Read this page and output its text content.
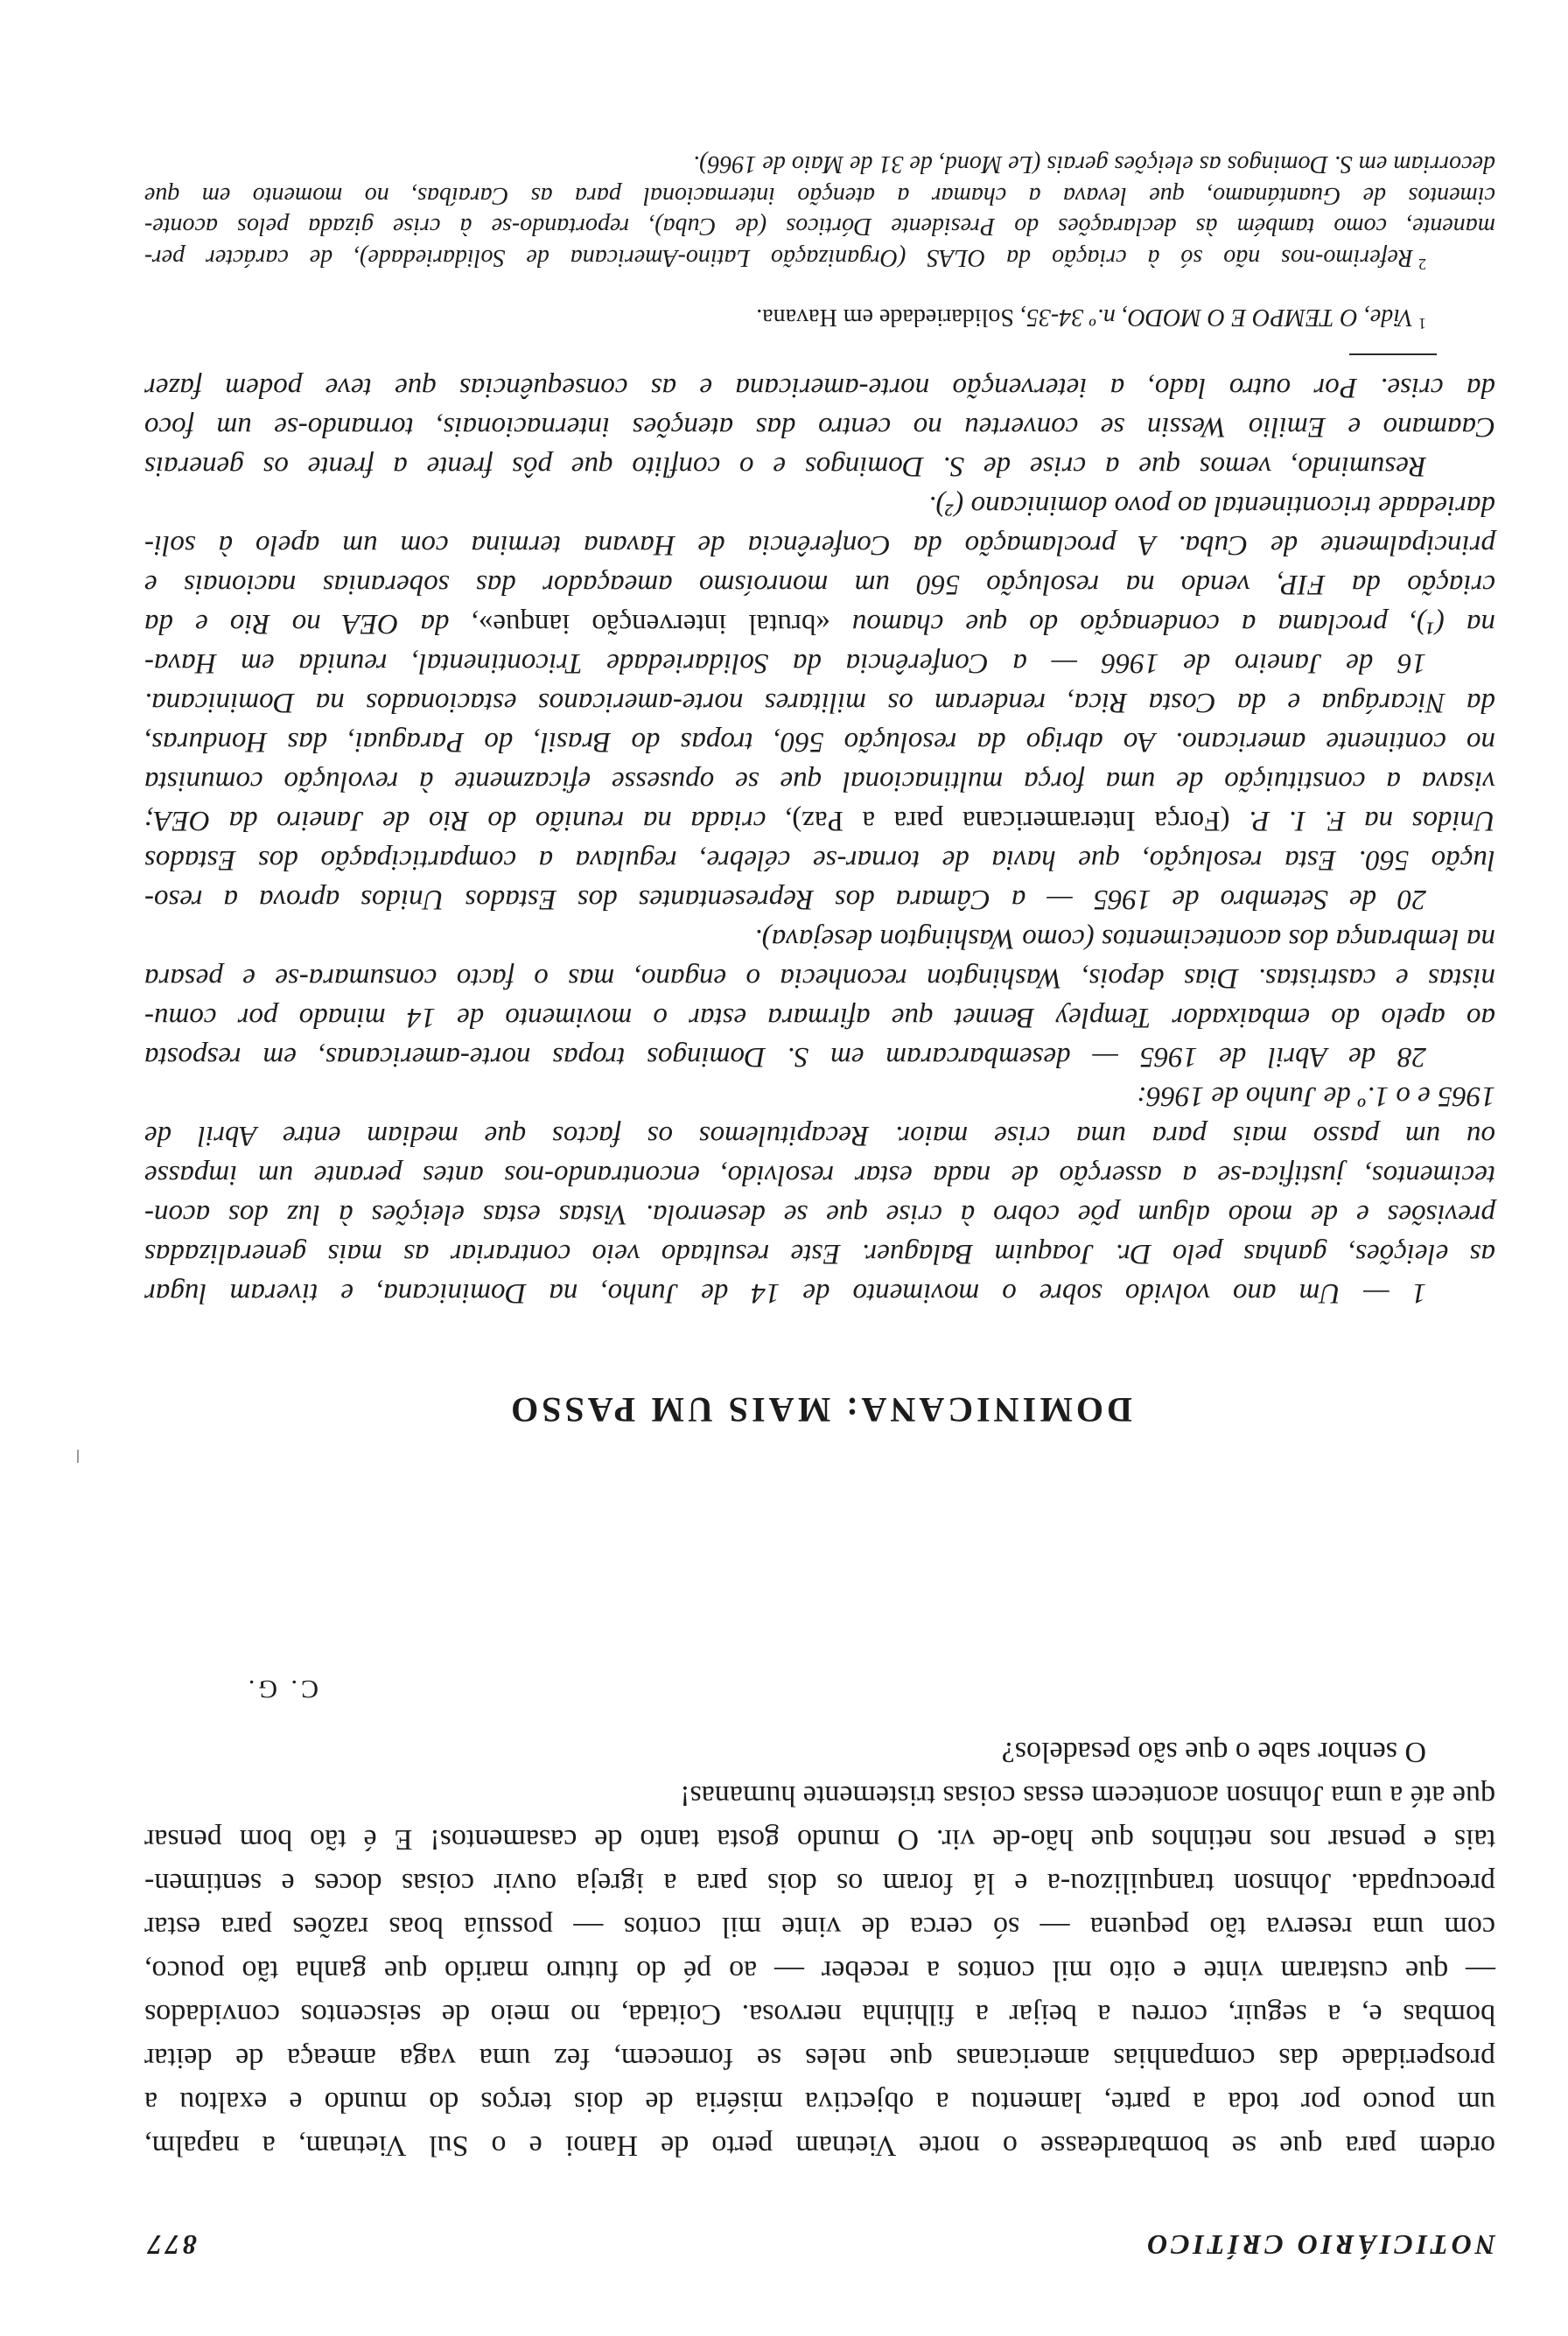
NOTICIÁRIO CRÍTICO
877
ordem para que se bombardeasse o norte Vietnam perto de Hanoi e o Sul Vietnam, a napalm,
um pouco por toda a parte, lamentou a objectiva miséria de dois terços do mundo e exaltou a
prosperidade das companhias americanas que neles se fornecem, fez uma vaga ameaça de deitar
bombas e, a seguir, correu a beijar a filhinha nervosa. Coitada, no meio de seiscentos convidados
— que custaram vinte e oito mil contos a receber — ao pé do futuro marido que ganha tão pouco,
com uma reserva tão pequena — só cerca de vinte mil contos — possuía boas razões para estar
preocupada. Johnson tranquilizou-a e lá foram os dois para a igreja ouvir coisas doces e sentimen-
tais e pensar nos netinhos que hão-de vir. O mundo gosta tanto de casamentos! E é tão bom pensar
que até a uma Johnson acontecem essas coisas tristemente humanas!
O senhor sabe o que são pesadelos?
C. G.
DOMINICANA: MAIS UM PASSO
1 — Um ano volvido sobre o movimento de 14 de Junho, na Dominicana, e tiveram lugar
as eleições, ganhas pelo Dr. Joaquim Balaguer. Este resultado veio contrariar as mais generalizadas
previsões e de modo algum põe cobro à crise que se desenrola. Vistas estas eleições à luz dos acon-
tecimentos, justifica-se a asserção de nada estar resolvido, encontrando-nos antes perante um impasse
ou um passo mais para uma crise maior. Recapitulemos os factos que mediam entre Abril de
1965 e o 1.º de Junho de 1966:
28 de Abril de 1965 — desembarcaram em S. Domingos tropas norte-americanas, em resposta
ao apelo do embaixador Templey Bennet que afirmara estar o movimento de 14 minado por comu-
nistas e castristas. Dias depois, Washington reconhecia o engano, mas o facto consumara-se e pesara
na lembrança dos acontecimentos (como Washington desejava).
20 de Setembro de 1965 — a Câmara dos Representantes dos Estados Unidos aprova a reso-
lução 560. Esta resolução, que havia de tornar-se célebre, regulava a comparticipação dos Estados
Unidos na F. I. P. (Força Interamericana para a Paz), criada na reunião do Rio de Janeiro da OEA;
visava a constituição de uma força multinacional que se opusesse eficazmente à revolução comunista
no continente americano. Ao abrigo da resolução 560, tropas do Brasil, do Paraguai, das Honduras,
da Nicarágua e da Costa Rica, renderam os militares norte-americanos estacionados na Dominicana.
16 de Janeiro de 1966 — a Conferência da Solidariedade Tricontinental, reunida em Hava-
na (¹), proclama a condenação do que chamou «brutal intervenção ianque», da OEA no Rio e da
criação da FIP, vendo na resolução 560 um monroísmo ameaçador das soberanias nacionais e
principalmente de Cuba. A proclamação da Conferência de Havana termina com um apelo à soli-
dariedade tricontinental ao povo dominicano (²).
Resumindo, vemos que a crise de S. Domingos e o conflito que pôs frente a frente os generais
Caamano e Emilio Wessin se converteu no centro das atenções internacionais, tornando-se um foco
da crise. Por outro lado, a ietervenção norte-americana e as consequências que teve podem fazer
$^1$Vide, O TEMPO E O MODO, n.º 34-35, Solidariedade em Havana.
$^2$Referimo-nos não só à criação da OLAS (Organização Latino-Americana de Solidariedade), de carácter per-
manente, como também às declarações do Presidente Dórticos (de Cuba), reportando-se à crise gizada pelos aconte-
cimentos de Guantánamo, que levava a chamar a atenção internacional para as Caraíbas, no momento em que
decorriam em S. Domingos as eleições gerais (Le Mond, de 31 de Maio de 1966).
